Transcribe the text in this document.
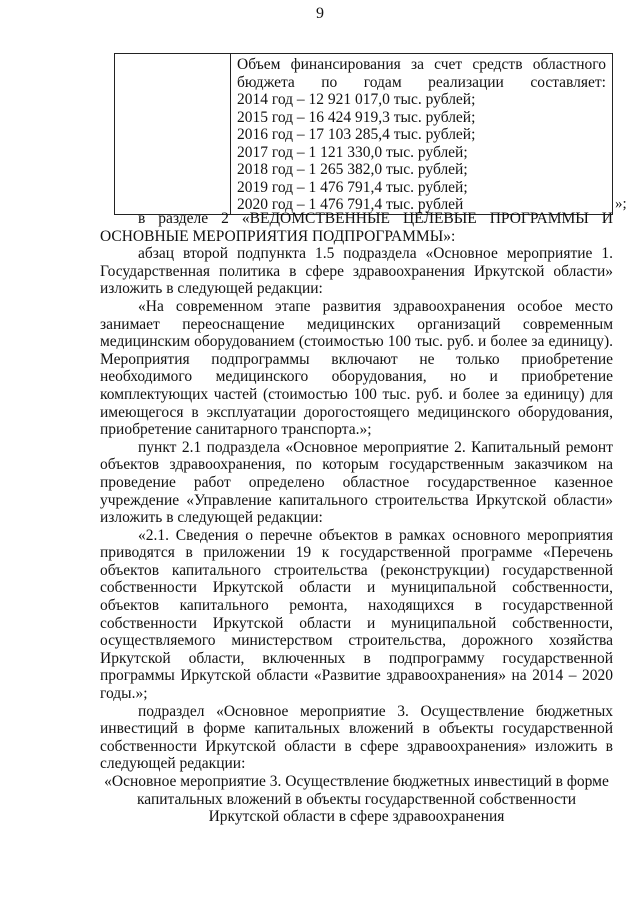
9

Объем финансирования за счет средств областного бюджета по годам реализации составляет:
2014 год – 12 921 017,0 тыс. рублей;
2015 год – 16 424 919,3 тыс. рублей;
2016 год – 17 103 285,4 тыс. рублей;
2017 год – 1 121 330,0 тыс. рублей;
2018 год – 1 265 382,0 тыс. рублей;
2019 год – 1 476 791,4 тыс. рублей;
2020 год – 1 476 791,4 тыс. рублей	»;

в разделе 2 «ВЕДОМСТВЕННЫЕ ЦЕЛЕВЫЕ ПРОГРАММЫ И ОСНОВНЫЕ МЕРОПРИЯТИЯ ПОДПРОГРАММЫ»:

абзац второй подпункта 1.5 подраздела «Основное мероприятие 1. Государственная политика в сфере здравоохранения Иркутской области» изложить в следующей редакции:

«На современном этапе развития здравоохранения особое место занимает переоснащение медицинских организаций современным медицинским оборудованием (стоимостью 100 тыс. руб. и более за единицу). Мероприятия подпрограммы включают не только приобретение необходимого медицинского оборудования, но и приобретение комплектующих частей (стоимостью 100 тыс. руб. и более за единицу) для имеющегося в эксплуатации дорогостоящего медицинского оборудования, приобретение санитарного транспорта.»;

пункт 2.1 подраздела «Основное мероприятие 2. Капитальный ремонт объектов здравоохранения, по которым государственным заказчиком на проведение работ определено областное государственное казенное учреждение «Управление капитального строительства Иркутской области» изложить в следующей редакции:

«2.1. Сведения о перечне объектов в рамках основного мероприятия приводятся в приложении 19 к государственной программе «Перечень объектов капитального строительства (реконструкции) государственной собственности Иркутской области и муниципальной собственности, объектов капитального ремонта, находящихся в государственной собственности Иркутской области и муниципальной собственности, осуществляемого министерством строительства, дорожного хозяйства Иркутской области, включенных в подпрограмму государственной программы Иркутской области «Развитие здравоохранения» на 2014 – 2020 годы.»;

подраздел «Основное мероприятие 3. Осуществление бюджетных инвестиций в форме капитальных вложений в объекты государственной собственности Иркутской области в сфере здравоохранения» изложить в следующей редакции:

«Основное мероприятие 3. Осуществление бюджетных инвестиций в форме капитальных вложений в объекты государственной собственности Иркутской области в сфере здравоохранения
